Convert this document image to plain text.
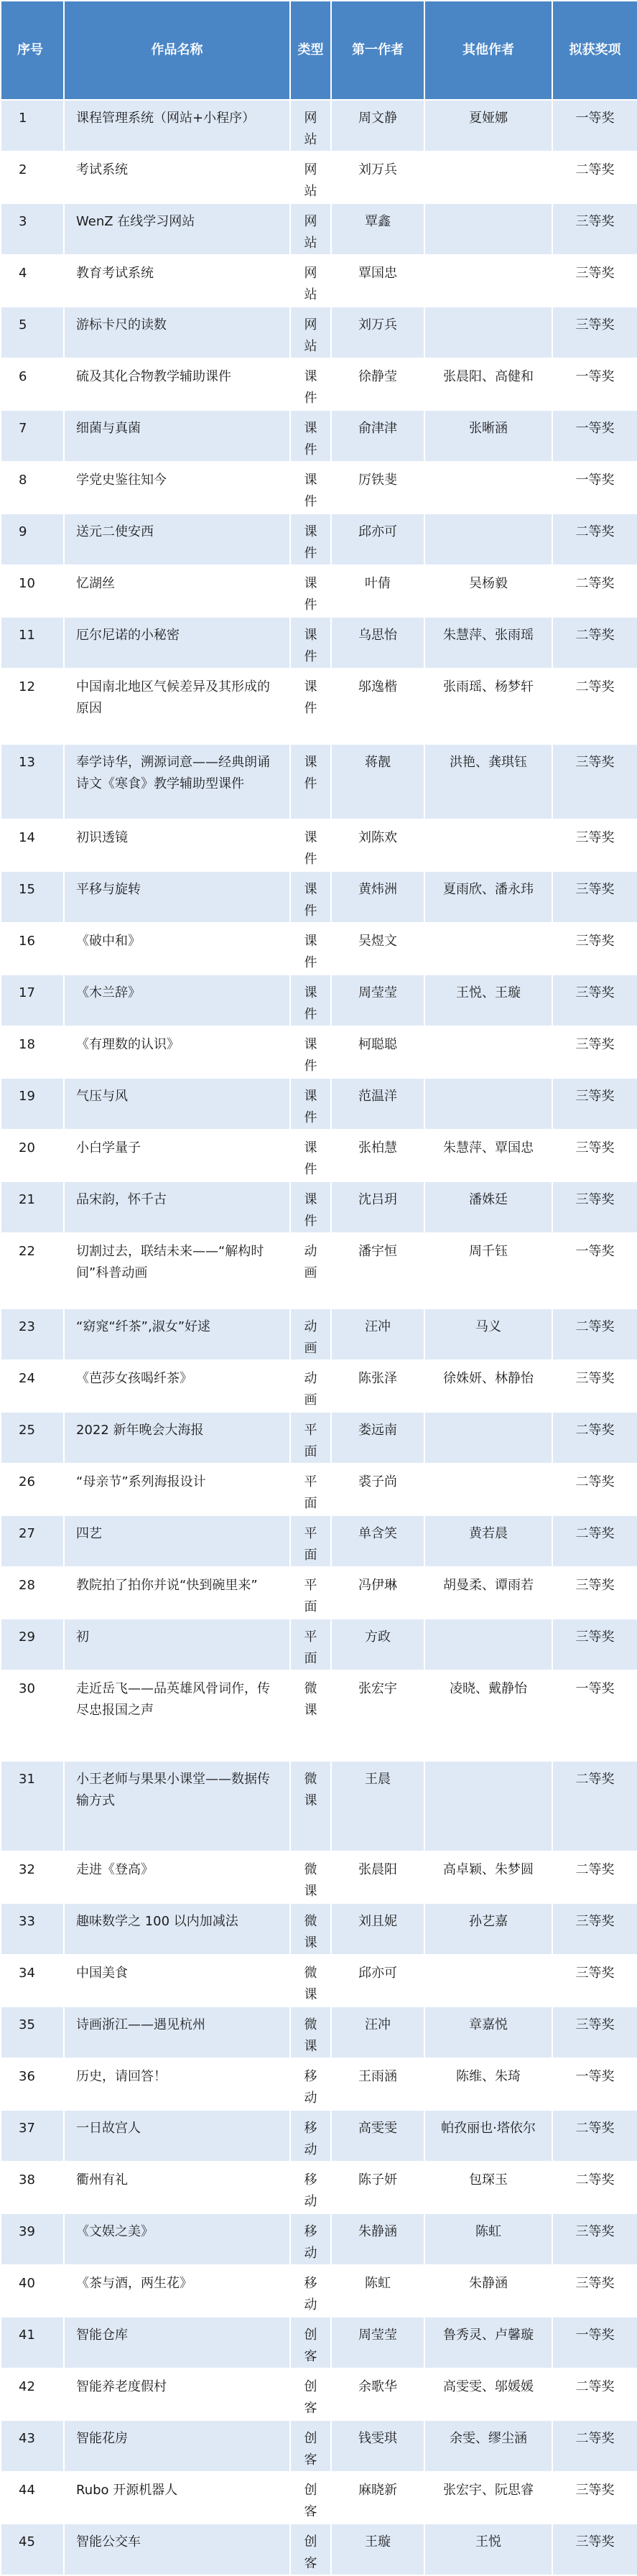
序号	作品名称	类型	第一作者	其他作者	拟获奖项

1	课程管理系统（网站+小程序）	网站	周文静	夏娅娜	一等奖

2	考试系统	网站	刘万兵		二等奖

3	WenZ 在线学习网站	网站	覃鑫		三等奖

4	教育考试系统	网站	覃国忠		三等奖

5	游标卡尺的读数	网站	刘万兵		三等奖

6	硫及其化合物教学辅助课件	课件	徐静莹	张晨阳、高健和	一等奖

7	细菌与真菌	课件	俞津津	张晰涵	一等奖

8	学党史鉴往知今	课件	厉铁斐		一等奖

9	送元二使安西	课件	邱亦可		二等奖

10	忆湖丝	课件	叶倩	吴杨毅	二等奖

11	厄尔尼诺的小秘密	课件	乌思怡	朱慧萍、张雨瑶	二等奖

12	中国南北地区气候差异及其形成的原因	课件	邬逸楷	张雨瑶、杨梦轩	二等奖

13	奉学诗华，溯源词意——经典朗诵诗文《寒食》教学辅助型课件	课件	蒋靓	洪艳、龚琪钰	三等奖

14	初识透镜	课件	刘陈欢		三等奖

15	平移与旋转	课件	黄炜洲	夏雨欣、潘永玮	三等奖

16	《破中和》	课件	吴煜文		三等奖

17	《木兰辞》	课件	周莹莹	王悦、王璇	三等奖

18	《有理数的认识》	课件	柯聪聪		三等奖

19	气压与风	课件	范温洋		三等奖

20	小白学量子	课件	张柏慧	朱慧萍、覃国忠	三等奖

21	品宋韵，怀千古	课件	沈吕玥	潘姝廷	三等奖

22	切割过去，联结未来——“解构时间”科普动画	动画	潘宇恒	周千钰	一等奖

23	“窈窕“纤茶”,淑女”好逑	动画	汪冲	马义	二等奖

24	《芭莎女孩喝纤茶》	动画	陈张泽	徐姝妍、林静怡	三等奖

25	2022 新年晚会大海报	平面	娄远南		二等奖

26	“母亲节”系列海报设计	平面	裘子尚		二等奖

27	四艺	平面	单含笑	黄若晨	二等奖

28	教院拍了拍你并说“快到碗里来”	平面	冯伊琳	胡曼柔、谭雨若	三等奖

29	初	平面	方政		三等奖

30	走近岳飞——品英雄风骨词作，传尽忠报国之声	微课	张宏宇	凌晓、戴静怡	一等奖

31	小王老师与果果小课堂——数据传输方式	微课	王晨		二等奖

32	走进《登高》	微课	张晨阳	高卓颖、朱梦圆	二等奖

33	趣味数学之 100 以内加减法	微课	刘且妮	孙艺嘉	三等奖

34	中国美食	微课	邱亦可		三等奖

35	诗画浙江——遇见杭州	微课	汪冲	章嘉悦	三等奖

36	历史，请回答！	移动	王雨涵	陈维、朱琦	一等奖

37	一日故宫人	移动	高雯雯	帕孜丽也·塔依尔	二等奖

38	衢州有礼	移动	陈子妍	包琛玉	二等奖

39	《文娱之美》	移动	朱静涵	陈虹	三等奖

40	《茶与酒，两生花》	移动	陈虹	朱静涵	三等奖

41	智能仓库	创客	周莹莹	鲁秀灵、卢馨璇	一等奖

42	智能养老度假村	创客	余歌华	高雯雯、邬媛媛	二等奖

43	智能花房	创客	钱雯琪	余雯、缪尘涵	二等奖

44	Rubo 开源机器人	创客	麻晓新	张宏宇、阮思睿	三等奖

45	智能公交车	创客	王璇	王悦	三等奖
